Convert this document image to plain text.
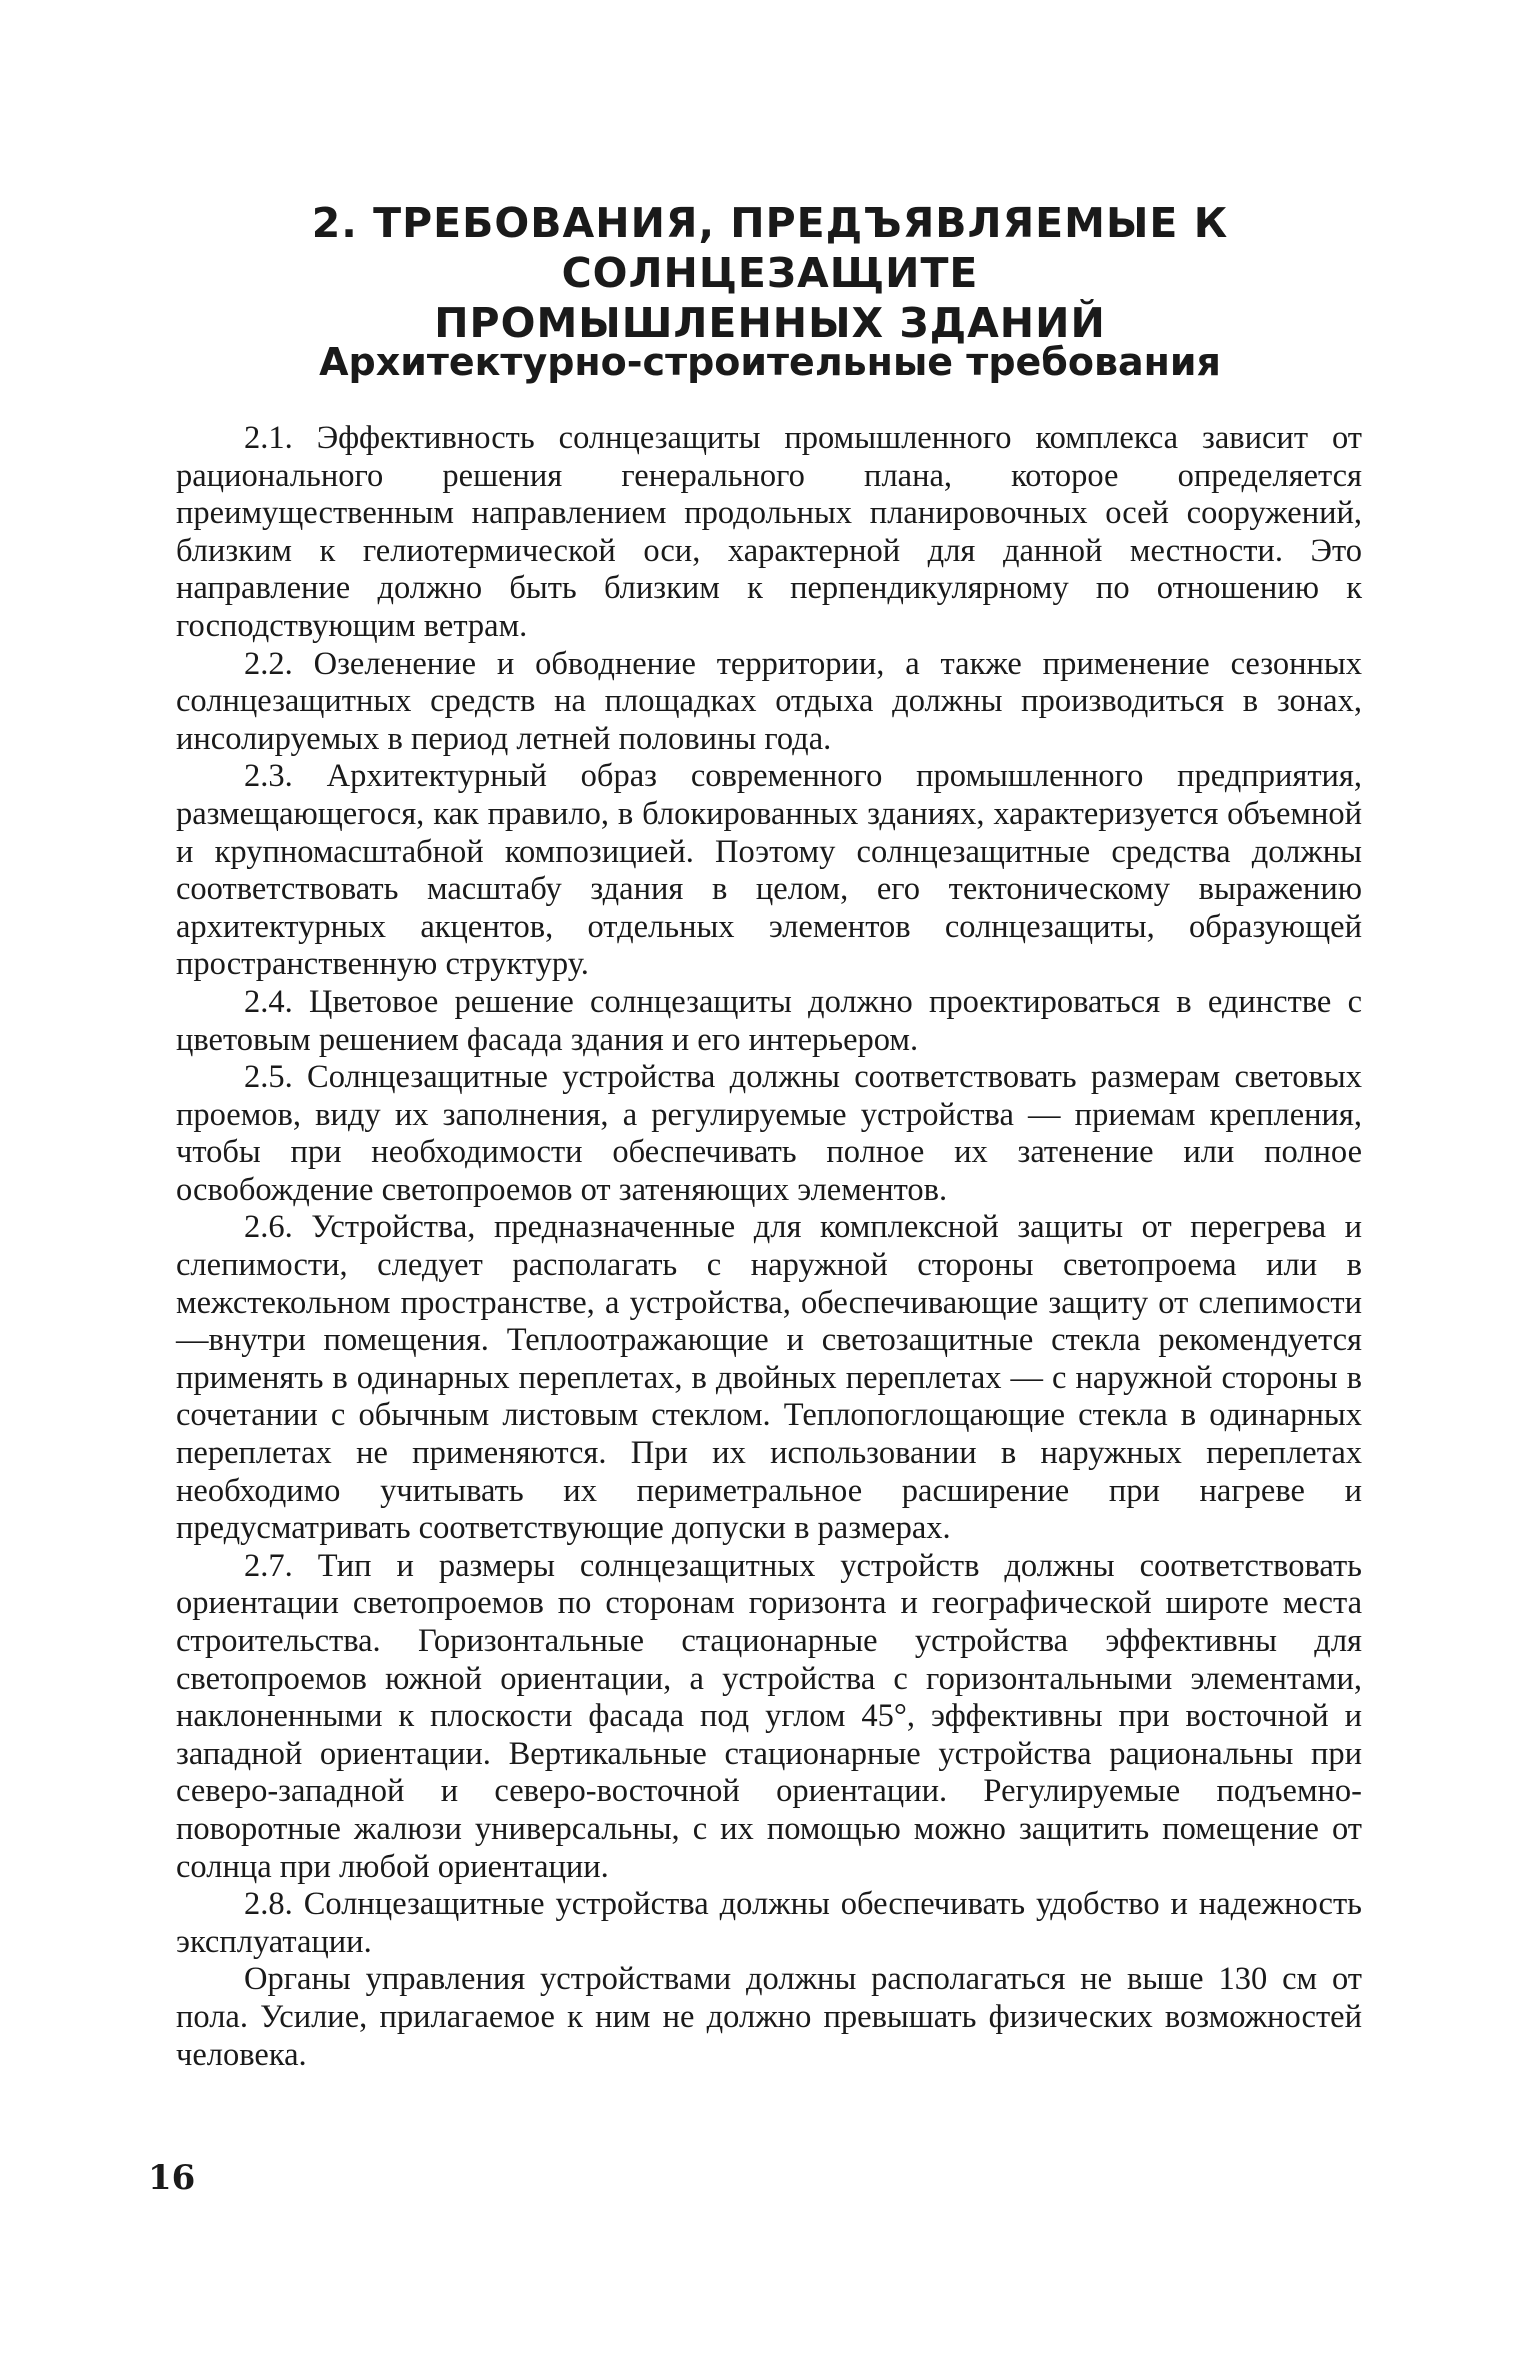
2. ТРЕБОВАНИЯ, ПРЕДЪЯВЛЯЕМЫЕ К СОЛНЦЕЗАЩИТЕ
ПРОМЫШЛЕННЫХ ЗДАНИЙ
Архитектурно-строительные требования

2.1. Эффективность солнцезащиты промышленного комплекса зависит от рационального решения генерального плана, которое определяется преимущественным направлением продольных планировочных осей сооружений, близким к гелиотермической оси, характерной для данной местности. Это направление должно быть близким к перпендикулярному по отношению к господствующим ветрам.

2.2. Озеленение и обводнение территории, а также применение сезонных солнцезащитных средств на площадках отдыха должны производиться в зонах, инсолируемых в период летней половины года.

2.3. Архитектурный образ современного промышленного предприятия, размещающегося, как правило, в блокированных зданиях, характеризуется объемной и крупномасштабной композицией. Поэтому солнцезащитные средства должны соответствовать масштабу здания в целом, его тектоническому выражению архитектурных акцентов, отдельных элементов солнцезащиты, образующей пространственную структуру.

2.4. Цветовое решение солнцезащиты должно проектироваться в единстве с цветовым решением фасада здания и его интерьером.

2.5. Солнцезащитные устройства должны соответствовать размерам световых проемов, виду их заполнения, а регулируемые устройства — приемам крепления, чтобы при необходимости обеспечивать полное их затенение или полное освобождение светопроемов от затеняющих элементов.

2.6. Устройства, предназначенные для комплексной защиты от перегрева и слепимости, следует располагать с наружной стороны светопроема или в межстекольном пространстве, а устройства, обеспечивающие защиту от слепимости—внутри помещения. Теплоотражающие и светозащитные стекла рекомендуется применять в одинарных переплетах, в двойных переплетах — с наружной стороны в сочетании с обычным листовым стеклом. Теплопоглощающие стекла в одинарных переплетах не применяются. При их использовании в наружных переплетах необходимо учитывать их периметральное расширение при нагреве и предусматривать соответствующие допуски в размерах.

2.7. Тип и размеры солнцезащитных устройств должны соответствовать ориентации светопроемов по сторонам горизонта и географической широте места строительства. Горизонтальные стационарные устройства эффективны для светопроемов южной ориентации, а устройства с горизонтальными элементами, наклоненными к плоскости фасада под углом 45°, эффективны при восточной и западной ориентации. Вертикальные стационарные устройства рациональны при северо-западной и северо-восточной ориентации. Регулируемые подъемно-поворотные жалюзи универсальны, с их помощью можно защитить помещение от солнца при любой ориентации.

2.8. Солнцезащитные устройства должны обеспечивать удобство и надежность эксплуатации.

Органы управления устройствами должны располагаться не выше 130 см от пола. Усилие, прилагаемое к ним не должно превышать физических возможностей человека.

16
